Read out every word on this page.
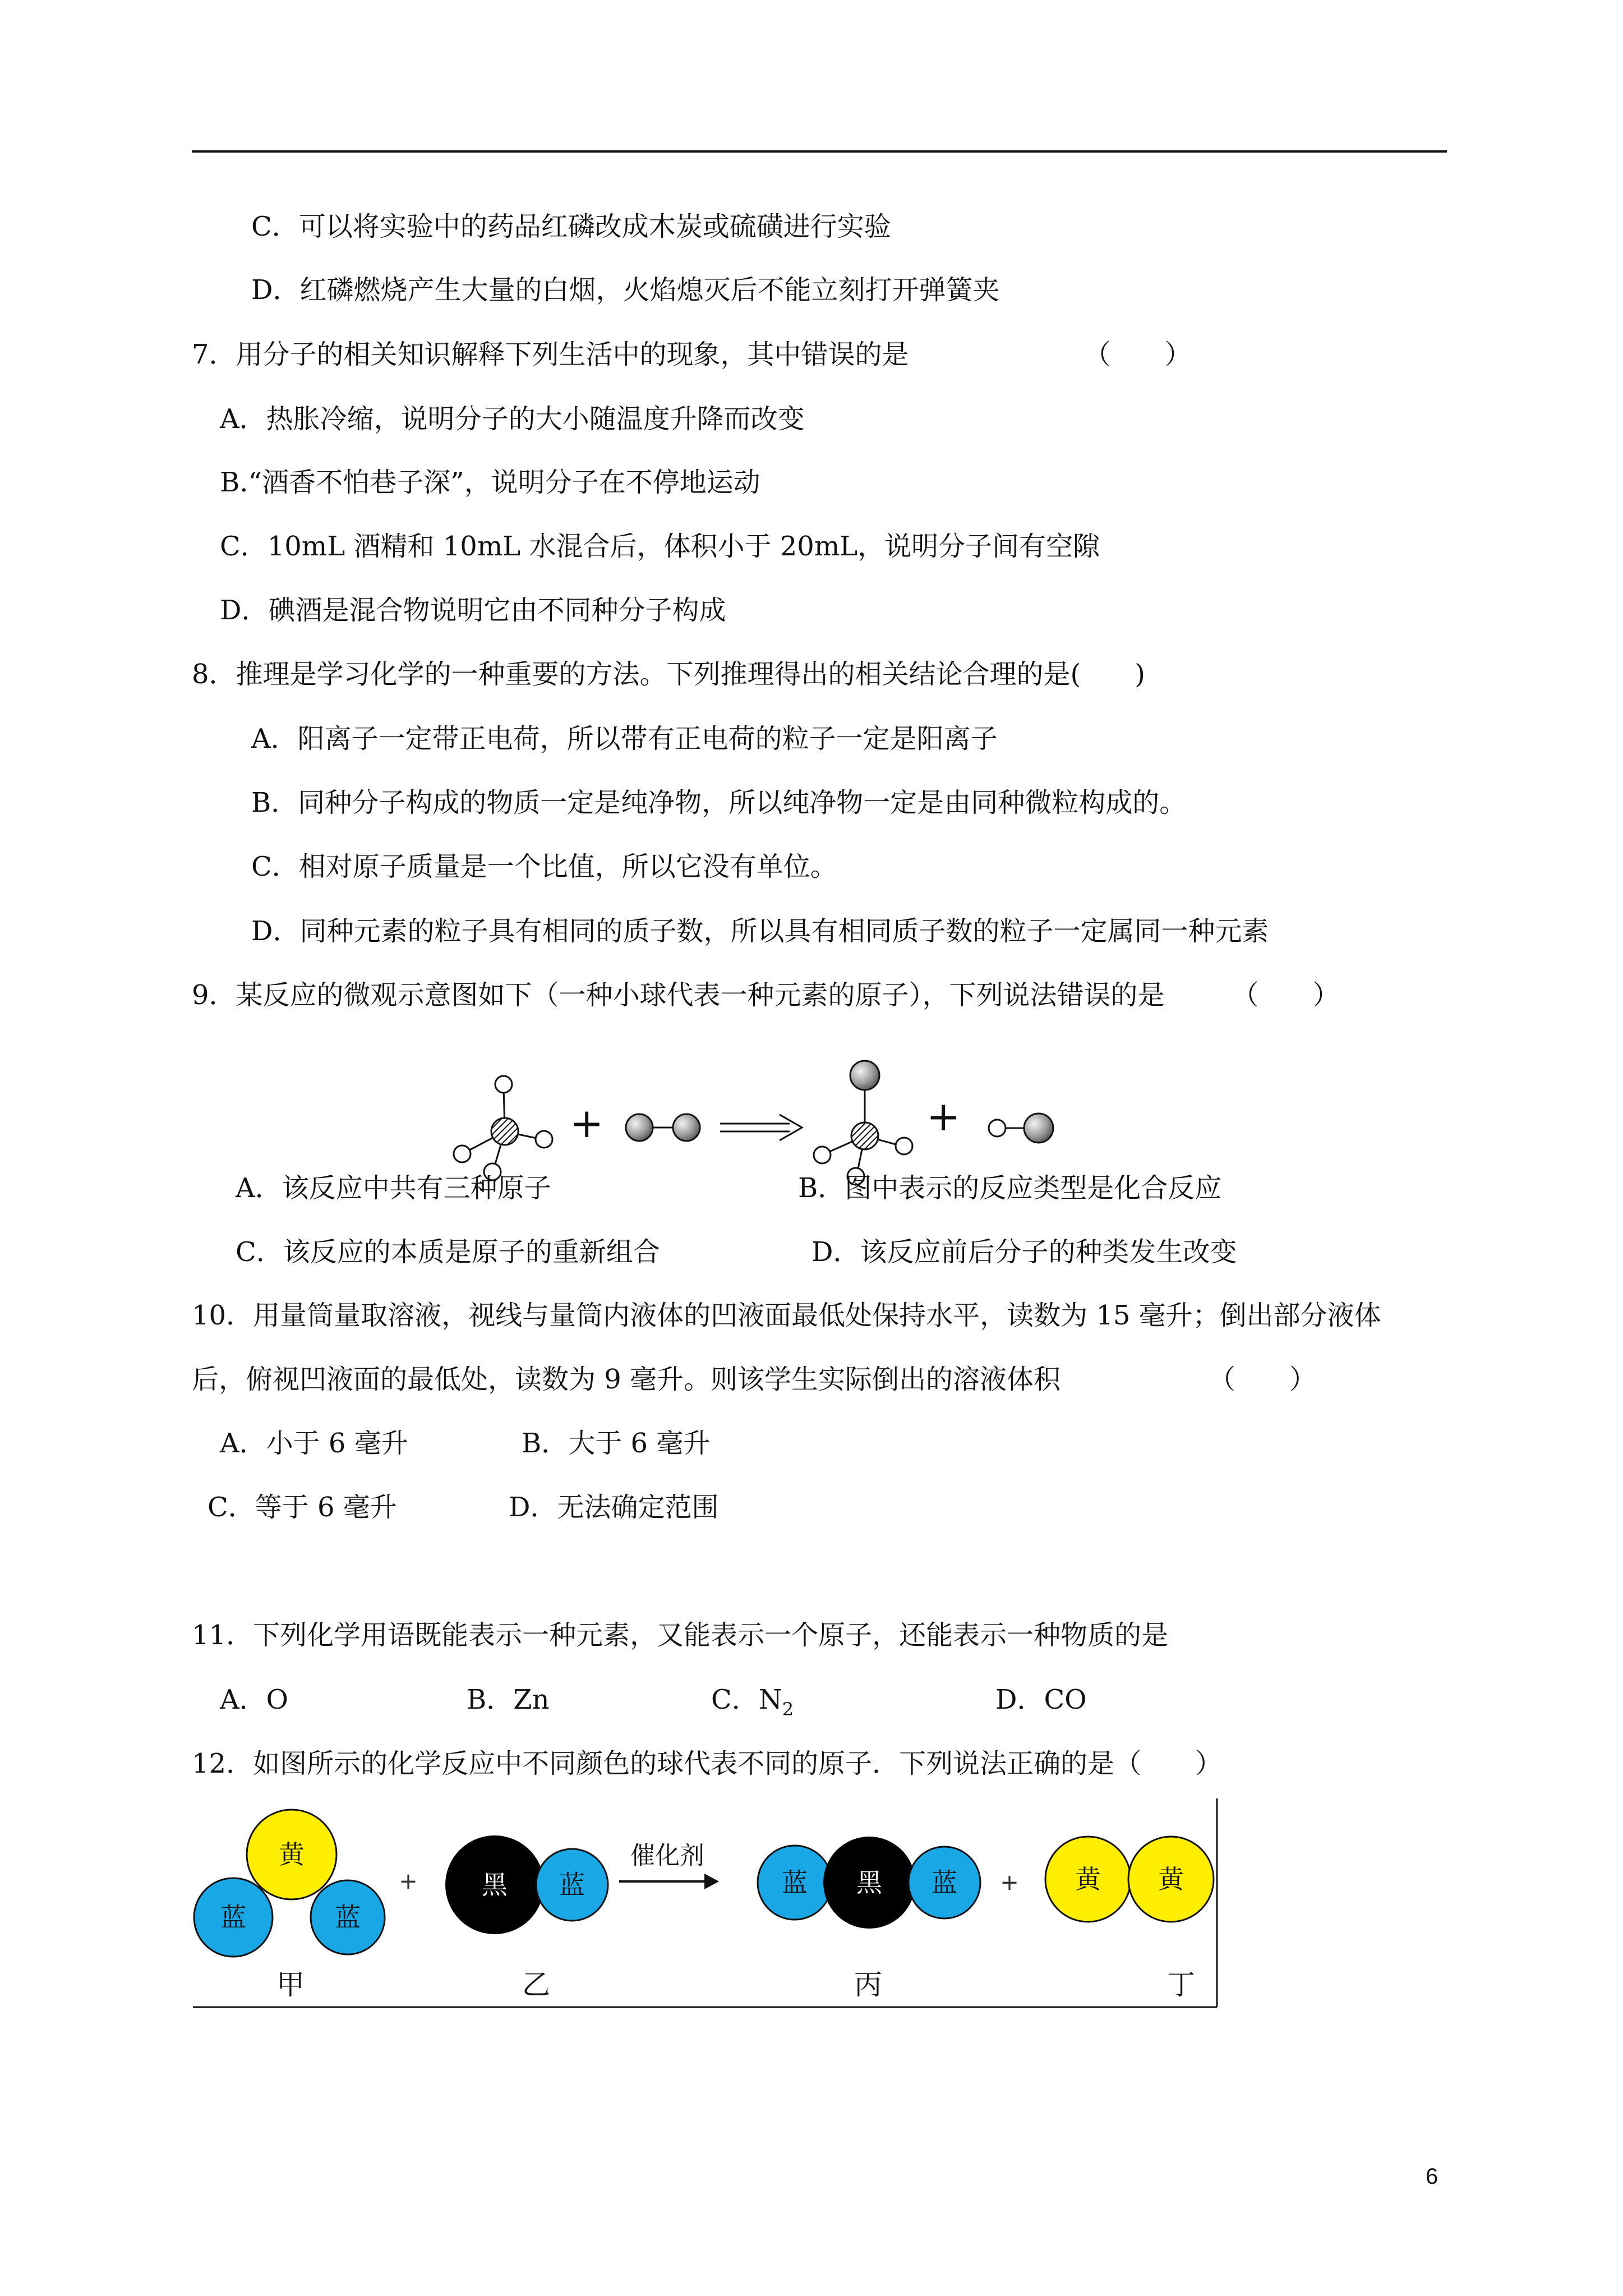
C．可以将实验中的药品红磷改成木炭或硫磺进行实验
D．红磷燃烧产生大量的白烟，火焰熄灭后不能立刻打开弹簧夹
7．用分子的相关知识解释下列生活中的现象，其中错误的是　　　　　　　（　　）
A．热胀冷缩，说明分子的大小随温度升降而改变
B.“酒香不怕巷子深”，说明分子在不停地运动
C．10mL 酒精和 10mL 水混合后，体积小于 20mL，说明分子间有空隙
D．碘酒是混合物说明它由不同种分子构成
8．推理是学习化学的一种重要的方法。下列推理得出的相关结论合理的是(　　)
A．阳离子一定带正电荷，所以带有正电荷的粒子一定是阳离子
B．同种分子构成的物质一定是纯净物，所以纯净物一定是由同种微粒构成的。
C．相对原子质量是一个比值，所以它没有单位。
D．同种元素的粒子具有相同的质子数，所以具有相同质子数的粒子一定属同一种元素
9．某反应的微观示意图如下（一种小球代表一种元素的原子），下列说法错误的是　　　（　　）
+	+
A．该反应中共有三种原子	B．图中表示的反应类型是化合反应
C．该反应的本质是原子的重新组合	D．该反应前后分子的种类发生改变
10．用量筒量取溶液，视线与量筒内液体的凹液面最低处保持水平，读数为 15 毫升；倒出部分液体
后，俯视凹液面的最低处，读数为 9 毫升。则该学生实际倒出的溶液体积　　　　　　（　　）
A．小于 6 毫升	B．大于 6 毫升
C．等于 6 毫升	D．无法确定范围
11．下列化学用语既能表示一种元素，又能表示一个原子，还能表示一种物质的是
A．O	B．Zn	C．$N_2$	D．CO
12．如图所示的化学反应中不同颜色的球代表不同的原子．下列说法正确的是（　　）
黄
蓝	蓝
+ 黑 蓝
催化剂
蓝 黑 蓝 + 黄 黄
甲	乙	丙	丁
6
